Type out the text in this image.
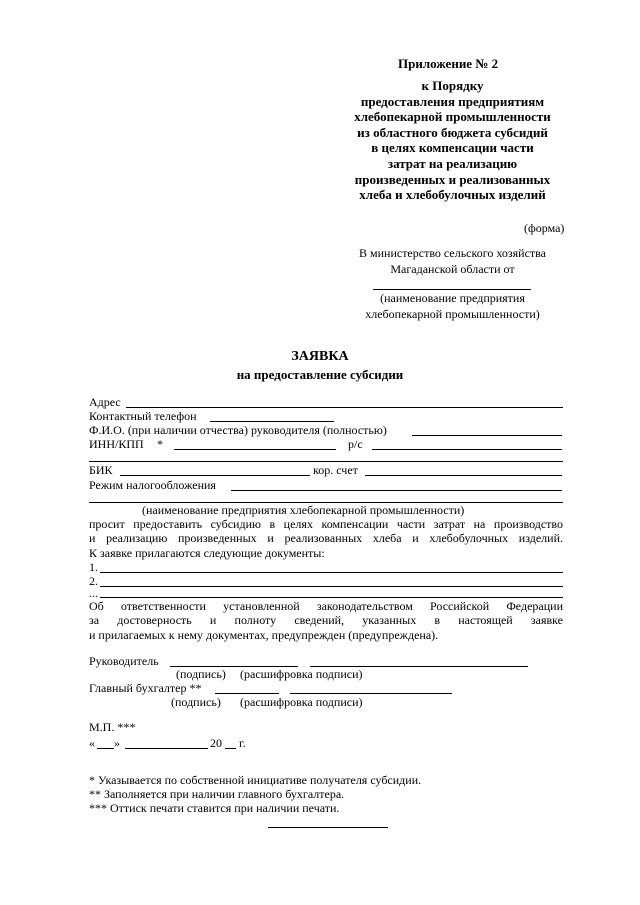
Приложение № 2
к Порядку
предоставления предприятиям
хлебопекарной промышленности
из областного бюджета субсидий
в целях компенсации части
затрат на реализацию
произведенных и реализованных
хлеба и хлебобулочных изделий
(форма)
В министерство сельского хозяйства
Магаданской области от
(наименование предприятия
хлебопекарной промышленности)
ЗАЯВКА
на предоставление субсидии
Адрес
Контактный телефон
Ф.И.О. (при наличии отчества) руководителя (полностью)
ИНН/КПП *	р/с
БИК	кор. счет
Режим налогообложения
(наименование предприятия хлебопекарной промышленности)
просит предоставить субсидию в целях компенсации части затрат на производство
и реализацию произведенных и реализованных хлеба и хлебобулочных изделий.
К заявке прилагаются следующие документы:
1.
2.
...
Об ответственности установленной законодательством Российской Федерации
за достоверность и полноту сведений, указанных в настоящей заявке
и прилагаемых к нему документах, предупрежден (предупреждена).
Руководитель
(подпись) (расшифровка подписи)
Главный бухгалтер **
(подпись) (расшифровка подписи)
М.П. ***
« »	20 г.
* Указывается по собственной инициативе получателя субсидии.
** Заполняется при наличии главного бухгалтера.
*** Оттиск печати ставится при наличии печати.
